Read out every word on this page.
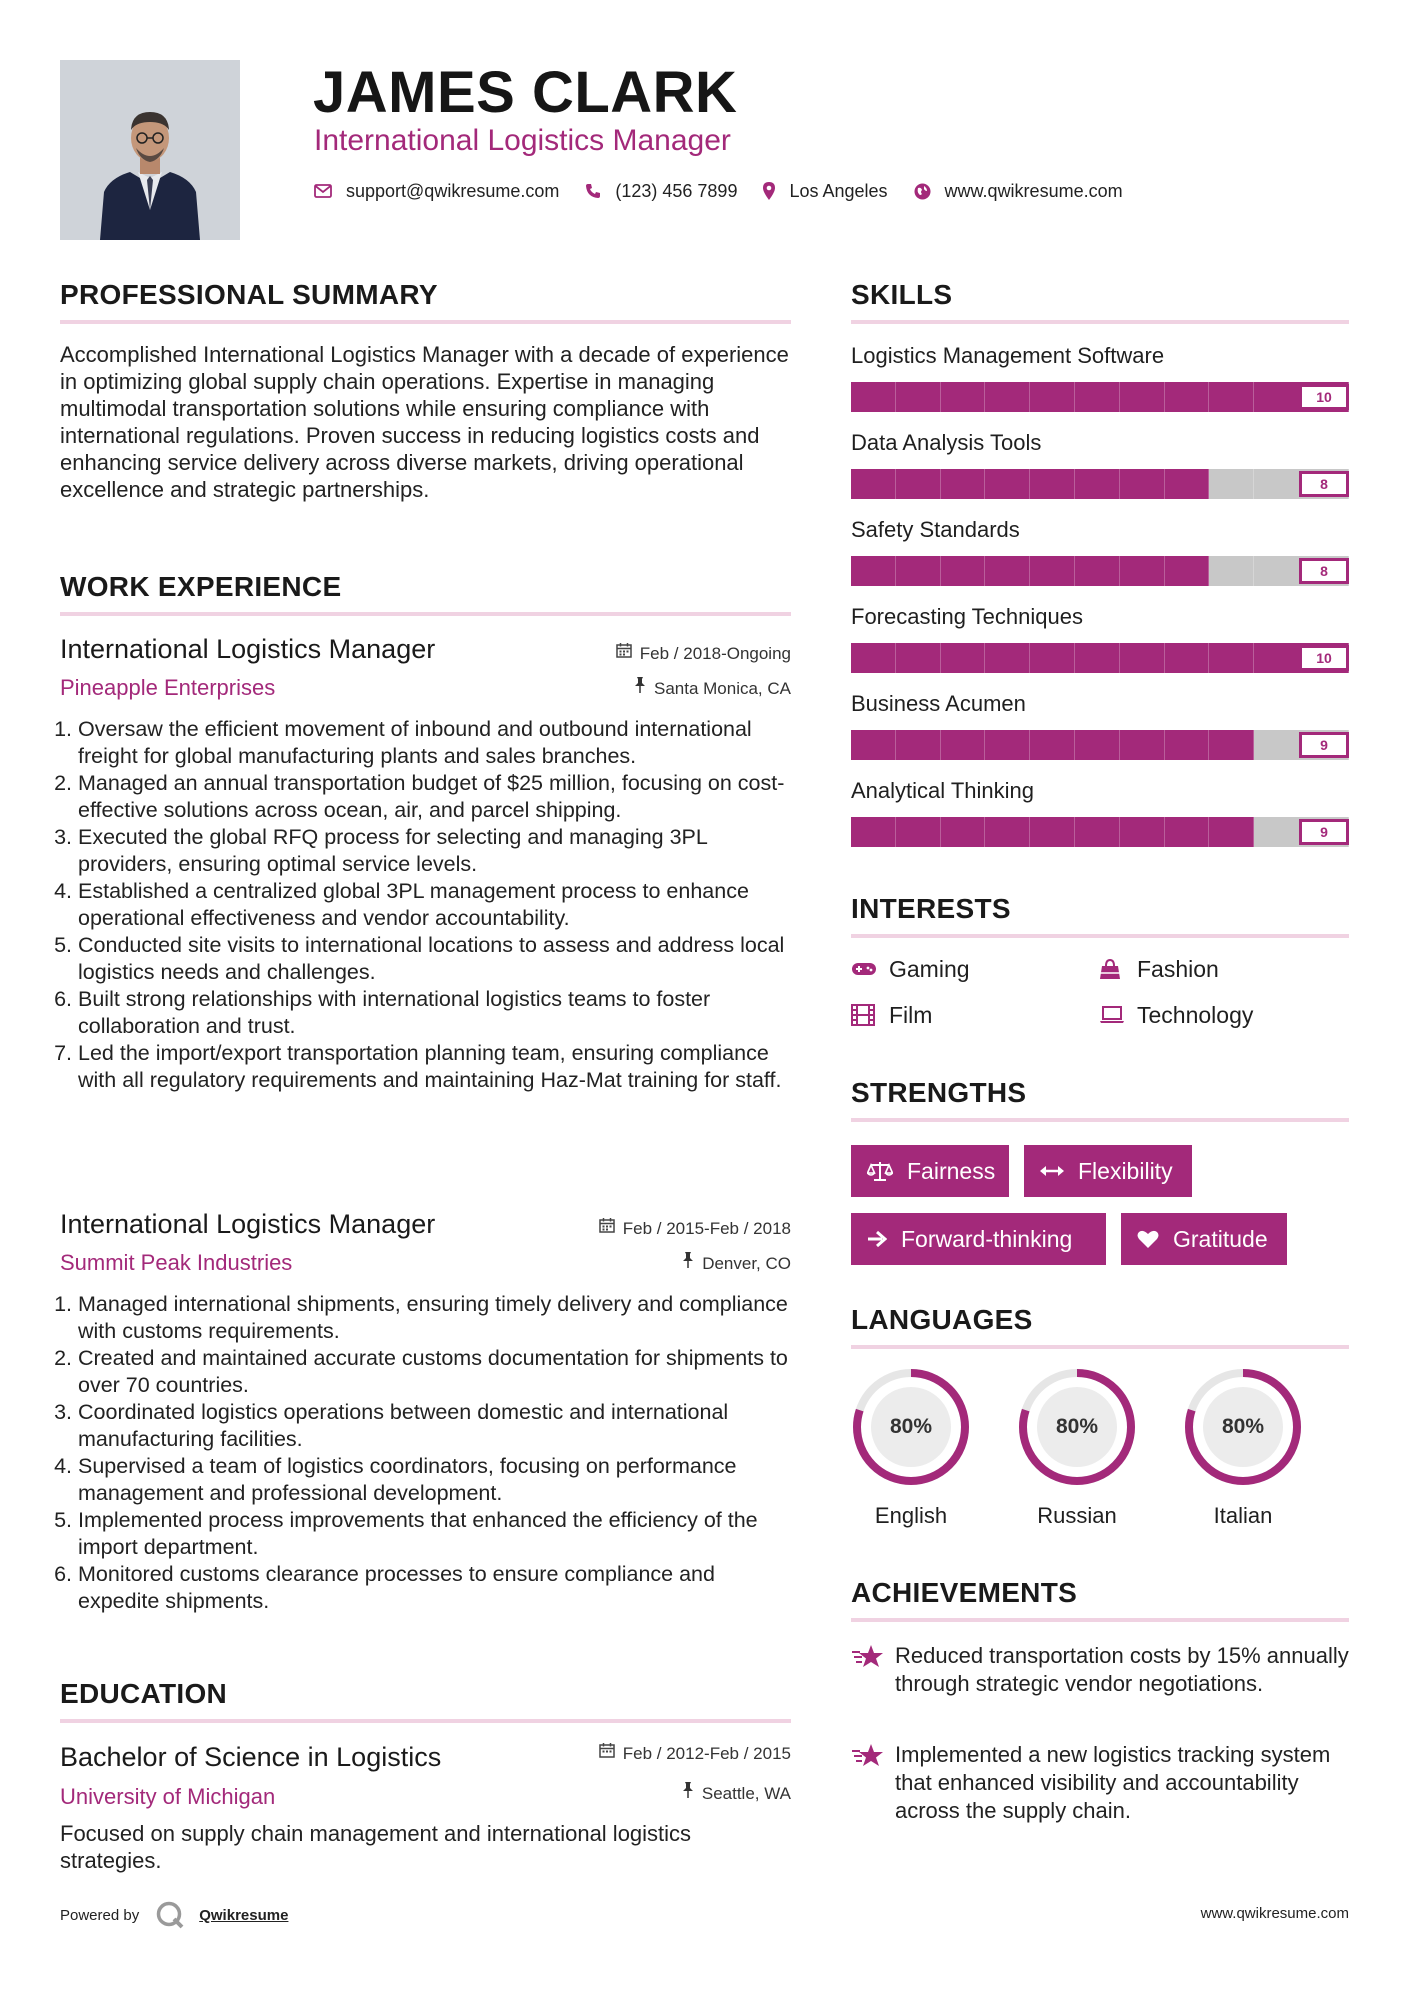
JAMES CLARK
International Logistics Manager
support@qwikresume.com	(123) 456 7899	Los Angeles	www.qwikresume.com
PROFESSIONAL SUMMARY
Accomplished International Logistics Manager with a decade of experience in optimizing global supply chain operations. Expertise in managing multimodal transportation solutions while ensuring compliance with international regulations. Proven success in reducing logistics costs and enhancing service delivery across diverse markets, driving operational excellence and strategic partnerships.
WORK EXPERIENCE
International Logistics Manager	Feb / 2018-Ongoing
Pineapple Enterprises	Santa Monica, CA
1. Oversaw the efficient movement of inbound and outbound international freight for global manufacturing plants and sales branches.
2. Managed an annual transportation budget of $25 million, focusing on cost-effective solutions across ocean, air, and parcel shipping.
3. Executed the global RFQ process for selecting and managing 3PL providers, ensuring optimal service levels.
4. Established a centralized global 3PL management process to enhance operational effectiveness and vendor accountability.
5. Conducted site visits to international locations to assess and address local logistics needs and challenges.
6. Built strong relationships with international logistics teams to foster collaboration and trust.
7. Led the import/export transportation planning team, ensuring compliance with all regulatory requirements and maintaining Haz-Mat training for staff.
International Logistics Manager	Feb / 2015-Feb / 2018
Summit Peak Industries	Denver, CO
1. Managed international shipments, ensuring timely delivery and compliance with customs requirements.
2. Created and maintained accurate customs documentation for shipments to over 70 countries.
3. Coordinated logistics operations between domestic and international manufacturing facilities.
4. Supervised a team of logistics coordinators, focusing on performance management and professional development.
5. Implemented process improvements that enhanced the efficiency of the import department.
6. Monitored customs clearance processes to ensure compliance and expedite shipments.
EDUCATION
Bachelor of Science in Logistics	Feb / 2012-Feb / 2015
University of Michigan	Seattle, WA
Focused on supply chain management and international logistics strategies.
SKILLS
Logistics Management Software
10
Data Analysis Tools
8
Safety Standards
8
Forecasting Techniques
10
Business Acumen
9
Analytical Thinking
9
INTERESTS
Gaming	Fashion
Film	Technology
STRENGTHS
Fairness	Flexibility
Forward-thinking	Gratitude
LANGUAGES
80%
English
80%
Russian
80%
Italian
ACHIEVEMENTS
Reduced transportation costs by 15% annually through strategic vendor negotiations.
Implemented a new logistics tracking system that enhanced visibility and accountability across the supply chain.
Powered by	Qwikresume	www.qwikresume.com
